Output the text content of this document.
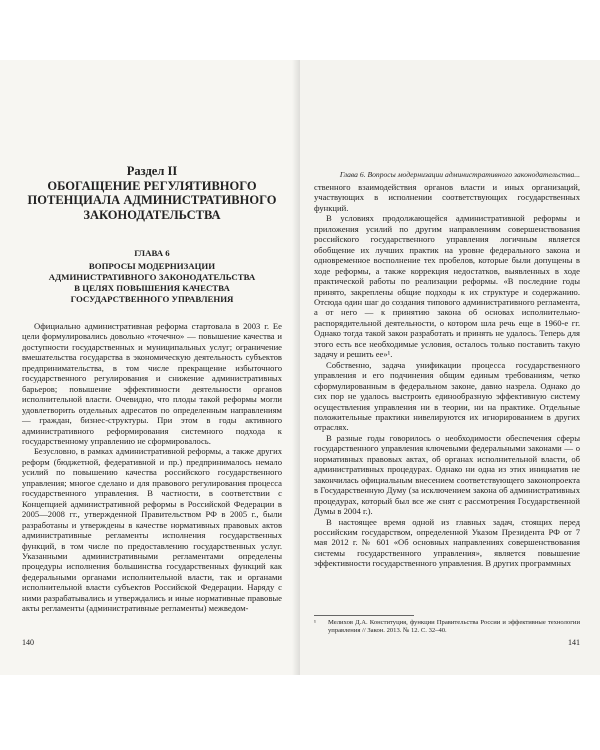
Раздел II
ОБОГАЩЕНИЕ РЕГУЛЯТИВНОГО
ПОТЕНЦИАЛА АДМИНИСТРАТИВНОГО
ЗАКОНОДАТЕЛЬСТВА
ГЛАВА 6
ВОПРОСЫ МОДЕРНИЗАЦИИ
АДМИНИСТРАТИВНОГО ЗАКОНОДАТЕЛЬСТВА
В ЦЕЛЯХ ПОВЫШЕНИЯ КАЧЕСТВА
ГОСУДАРСТВЕННОГО УПРАВЛЕНИЯ

Официально административная реформа стартовала в 2003 г. Ее цели формулировались довольно «точечно» — повышение качества и доступности государственных и муниципальных услуг; ограничение вмешательства государства в экономическую деятельность субъектов предпринимательства, в том числе прекращение избыточного государственного регулирования и снижение административных барьеров; повышение эффективности деятельности органов исполнительной власти. Очевидно, что плоды такой реформы могли удовлетворить отдельных адресатов по определенным направлениям — граждан, бизнес-структуры. При этом в годы активного административного реформирования системного подхода к государственному управлению не сформировалось.

Безусловно, в рамках административной реформы, а также других реформ (бюджетной, федеративной и пр.) предпринималось немало усилий по повышению качества российского государственного управления; многое сделано и для правового регулирования процесса государственного управления. В частности, в соответствии с Концепцией административной реформы в Российской Федерации в 2005—2008 гг., утвержденной Правительством РФ в 2005 г., были разработаны и утверждены в качестве нормативных правовых актов административные регламенты исполнения государственных функций, в том числе по предоставлению государственных услуг. Указанными административными регламентами определены процедуры исполнения большинства государственных функций как федеральными органами исполнительной власти, так и органами исполнительной власти субъектов Российской Федерации. Наряду с ними разрабатывались и утверждались и иные нормативные правовые акты регламенты (административные регламенты) межведом-

140
Глава 6. Вопросы модернизации административного законодательства...

ственного взаимодействия органов власти и иных организаций, участвующих в исполнении соответствующих государственных функций.

В условиях продолжающейся административной реформы и приложения усилий по другим направлениям совершенствования российского государственного управления логичным является обобщение их лучших практик на уровне федерального закона и одновременное восполнение тех пробелов, которые были допущены в ходе реформы, а также коррекция недостатков, выявленных в ходе практической работы по реализации реформы. «В последние годы принято, закреплены общие подходы к их структуре и содержанию. Отсюда один шаг до создания типового административного регламента, а от него — к принятию закона об основах исполнительно-распорядительной деятельности, о котором шла речь еще в 1960-е гг. Однако тогда такой закон разработать и принять не удалось. Теперь для этого есть все необходимые условия, осталось только поставить такую задачу и решить ее»¹.

Собственно, задача унификации процесса государственного управления и его подчинения общим единым требованиям, четко сформулированным в федеральном законе, давно назрела. Однако до сих пор не удалось выстроить единообразную эффективную систему осуществления управления ни в теории, ни на практике. Отдельные положительные практики нивелируются их игнорированием в других отраслях.

В разные годы говорилось о необходимости обеспечения сферы государственного управления ключевыми федеральными законами — о нормативных правовых актах, об органах исполнительной власти, об административных процедурах. Однако ни одна из этих инициатив не закончилась официальным внесением соответствующего законопроекта в Государственную Думу (за исключением закона об административных процедурах, который был все же снят с рассмотрения Государственной Думы в 2004 г.).

В настоящее время одной из главных задач, стоящих перед российским государством, определенной Указом Президента РФ от 7 мая 2012 г. № 601 «Об основных направлениях совершенствования системы государственного управления», является повышение эффективности государственного управления. В других программных

¹	Мелихов Д.А. Конституция, функции Правительства России и эффективные технологии управления // Закон. 2013. № 12. С. 32–40.
141
